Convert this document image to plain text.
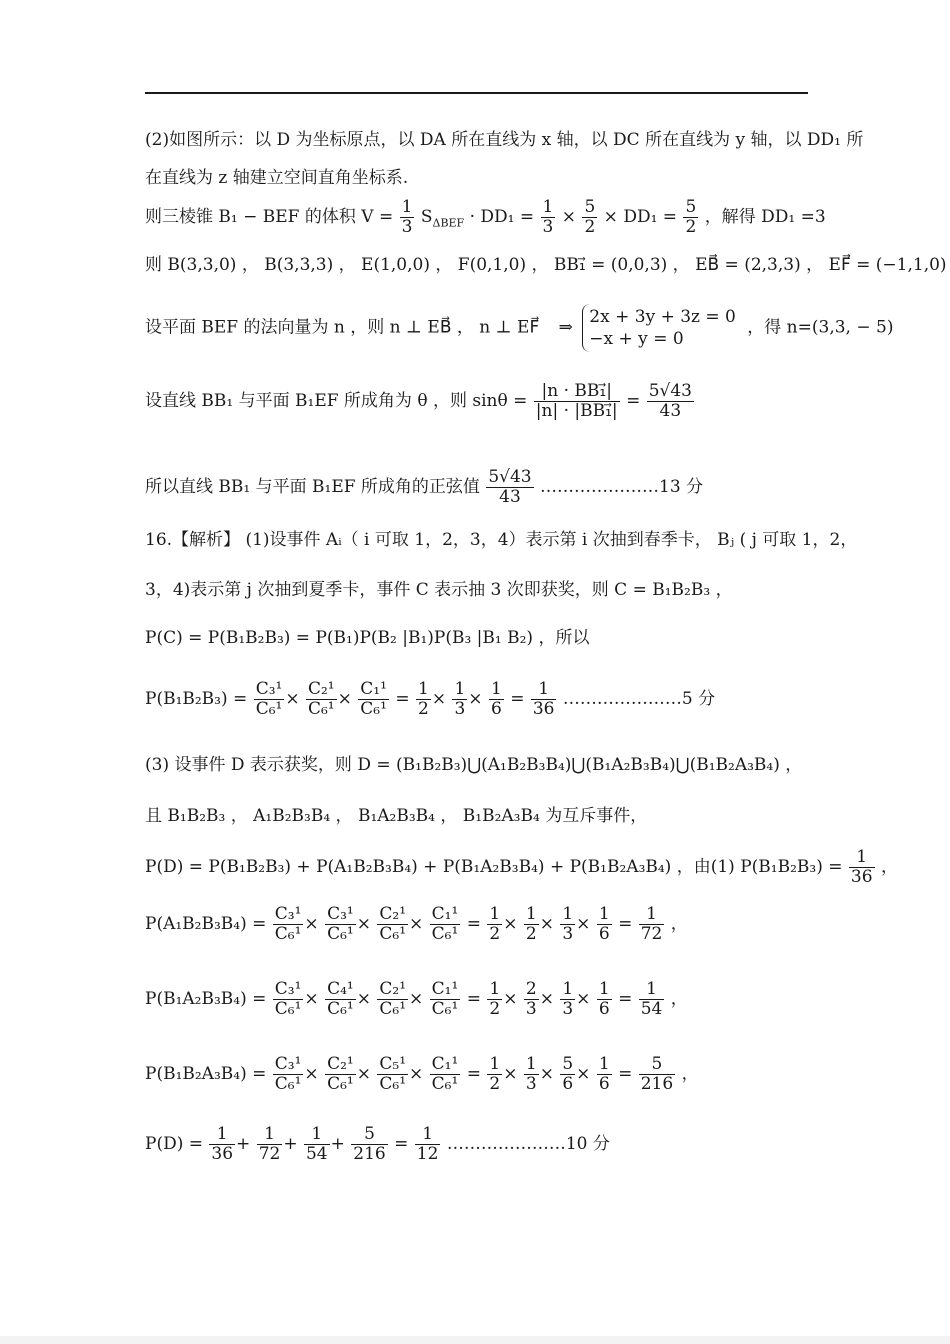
(2)如图所示：以 D 为坐标原点，以 DA 所在直线为 x 轴，以 DC 所在直线为 y 轴，以 DD₁ 所
在直线为 z 轴建立空间直角坐标系.
则三棱锥 B₁ − BEF 的体积 $V = \frac{1}{3} S_{\Delta BEF} \cdot DD_1 = \frac{1}{3} \times \frac{5}{2} \times DD_1 = \frac{5}{2}$ ，解得 DD₁ =3
则 B(3,3,0) ， B(3,3,3) ， E(1,0,0) ， F(0,1,0) ， BB₁⃗ = (0,0,3) ， EB⃗ = (2,3,3) ， EF⃗ = (−1,1,0)
设平面 BEF 的法向量为 n ，则 n ⊥ EB⃗ ， n ⊥ EF⃗ ⇒
2x + 3y + 3z = 0
−x + y = 0
，得 n=(3,3, − 5)
设直线 BB₁ 与平面 B₁EF 所成角为 θ ，则 $\sin\theta = \frac{\text{|n · BB₁⃗|}}{\text{|n| · |BB₁⃗|}} = \frac{5√43}{43}$
所以直线 BB₁ 与平面 B₁EF 所成角的正弦值 $\frac{5√43}{43}$ …………………13 分
16.【解析】 (1)设事件 Aᵢ（ i 可取 1，2，3，4）表示第 i 次抽到春季卡， Bⱼ ( j 可取 1，2，
3，4)表示第 j 次抽到夏季卡，事件 C 表示抽 3 次即获奖，则 C = B₁B₂B₃ ，
P(C) = P(B₁B₂B₃) = P(B₁)P(B₂ |B₁)P(B₃ |B₁ B₂) ，所以
$P(B_1B_2B_3) = \frac{\text{C₃¹}}{\text{C₆¹}} \times \frac{\text{C₂¹}}{\text{C₆¹}} \times \frac{\text{C₁¹}}{\text{C₆¹}} = \frac{1}{2} \times \frac{1}{3} \times \frac{1}{6} = \frac{1}{36}$ …………………5 分
(3) 设事件 D 表示获奖，则 D = (B₁B₂B₃)⋃(A₁B₂B₃B₄)⋃(B₁A₂B₃B₄)⋃(B₁B₂A₃B₄) ，
且 B₁B₂B₃ ， A₁B₂B₃B₄ ， B₁A₂B₃B₄ ， B₁B₂A₃B₄ 为互斥事件，
P(D) = P(B₁B₂B₃) + P(A₁B₂B₃B₄) + P(B₁A₂B₃B₄) + P(B₁B₂A₃B₄) ，由(1) $P(B_1B_2B_3) = \frac{1}{36}$ ，
$P(A_1B_2B_3B_4) = \frac{\text{C₃¹}}{\text{C₆¹}} \times \frac{\text{C₃¹}}{\text{C₆¹}} \times \frac{\text{C₂¹}}{\text{C₆¹}} \times \frac{\text{C₁¹}}{\text{C₆¹}} = \frac{1}{2} \times \frac{1}{2} \times \frac{1}{3} \times \frac{1}{6} = \frac{1}{72}$ ，
$P(B_1A_2B_3B_4) = \frac{\text{C₃¹}}{\text{C₆¹}} \times \frac{\text{C₄¹}}{\text{C₆¹}} \times \frac{\text{C₂¹}}{\text{C₆¹}} \times \frac{\text{C₁¹}}{\text{C₆¹}} = \frac{1}{2} \times \frac{2}{3} \times \frac{1}{3} \times \frac{1}{6} = \frac{1}{54}$ ，
$P(B_1B_2A_3B_4) = \frac{\text{C₃¹}}{\text{C₆¹}} \times \frac{\text{C₂¹}}{\text{C₆¹}} \times \frac{\text{C₅¹}}{\text{C₆¹}} \times \frac{\text{C₁¹}}{\text{C₆¹}} = \frac{1}{2} \times \frac{1}{3} \times \frac{5}{6} \times \frac{1}{6} = \frac{5}{216}$ ，
$P(D) = \frac{1}{36} + \frac{1}{72} + \frac{1}{54} + \frac{5}{216} = \frac{1}{12}$ …………………10 分
